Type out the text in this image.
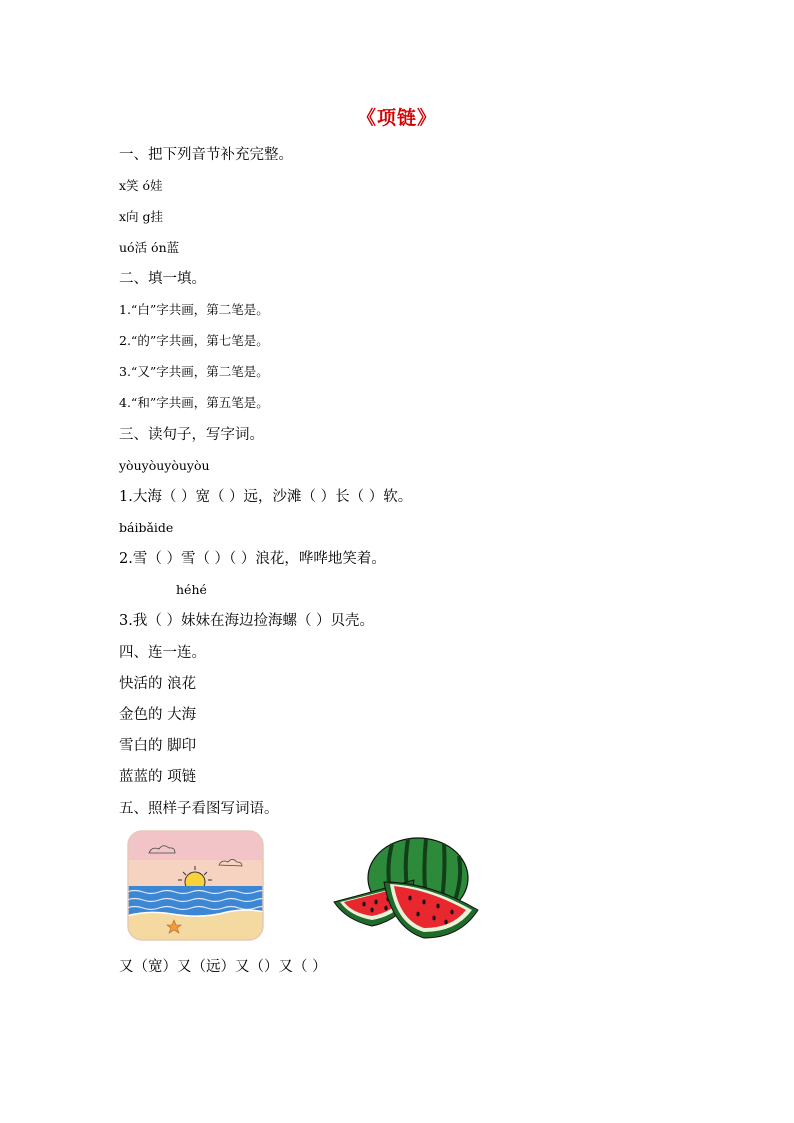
《项链》
一、把下列音节补充完整。
x笑 ó娃
x向 g挂
uó活 ón蓝
二、填一填。
1.“白”字共画，第二笔是。
2.“的”字共画，第七笔是。
3.“又”字共画，第二笔是。
4.“和”字共画，第五笔是。
三、读句子，写字词。
yòuyòuyòuyòu
1.大海（ ）宽（ ）远，沙滩（ ）长（ ）软。
báibǎide
2.雪（ ）雪（ ）（ ）浪花，哗哗地笑着。
héhé
3.我（ ）妹妹在海边捡海螺（ ）贝壳。
四、连一连。
快活的 浪花
金色的 大海
雪白的 脚印
蓝蓝的 项链
五、照样子看图写词语。
又（宽）又（远）又（）又（ ）
